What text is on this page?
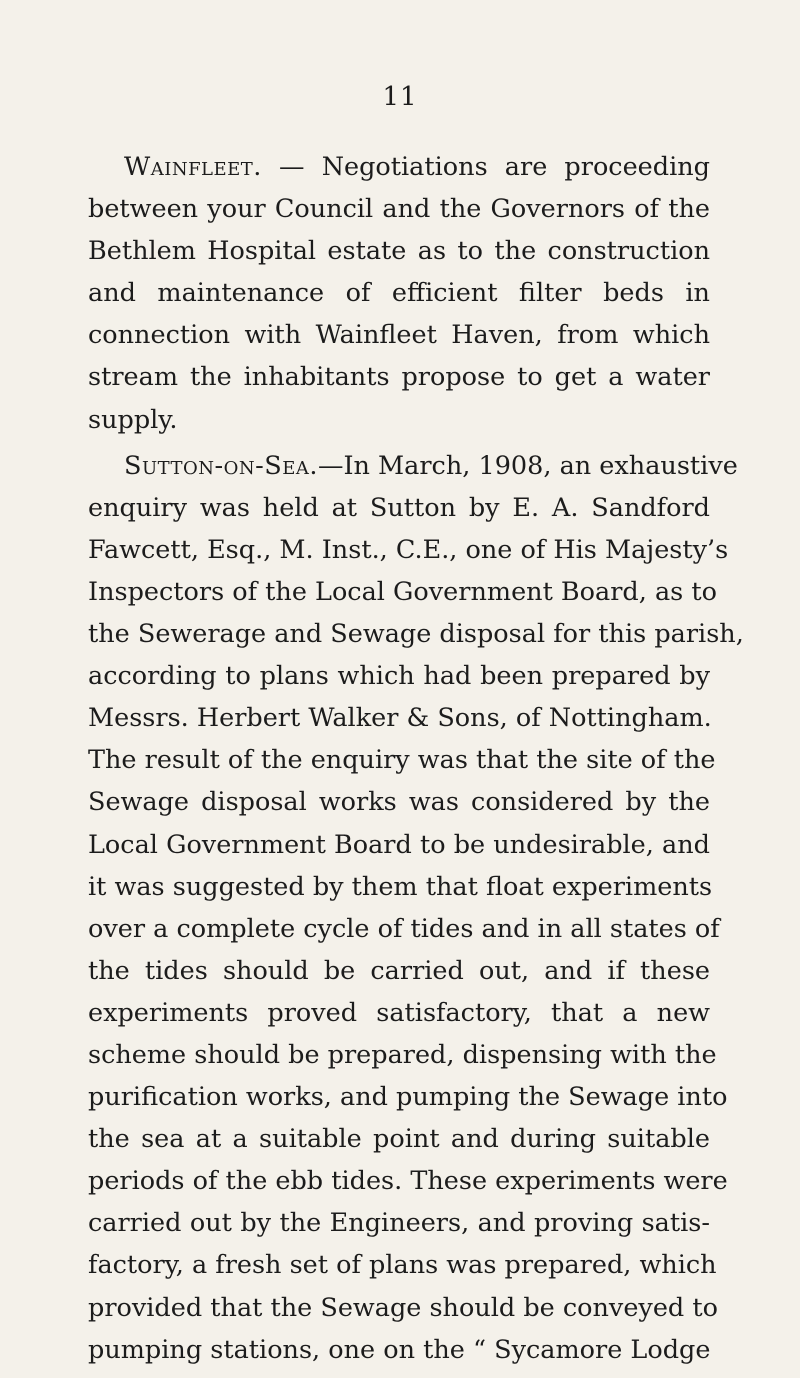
11
Wainfleet. — Negotiations are proceeding
between your Council and the Governors of the
Bethlem Hospital estate as to the construction
and maintenance of efficient filter beds in
connection with Wainfleet Haven, from which
stream the inhabitants propose to get a water
supply.
Sutton-on-Sea.—In March, 1908, an exhaustive
enquiry was held at Sutton by E. A. Sandford
Fawcett, Esq., M. Inst., C.E., one of His Majesty’s
Inspectors of the Local Government Board, as to
the Sewerage and Sewage disposal for this parish,
according to plans which had been prepared by
Messrs. Herbert Walker & Sons, of Nottingham.
The result of the enquiry was that the site of the
Sewage disposal works was considered by the
Local Government Board to be undesirable, and
it was suggested by them that float experiments
over a complete cycle of tides and in all states of
the tides should be carried out, and if these
experiments proved satisfactory, that a new
scheme should be prepared, dispensing with the
purification works, and pumping the Sewage into
the sea at a suitable point and during suitable
periods of the ebb tides. These experiments were
carried out by the Engineers, and proving satis-
factory, a fresh set of plans was prepared, which
provided that the Sewage should be conveyed to
pumping stations, one on the “ Sycamore Lodge
